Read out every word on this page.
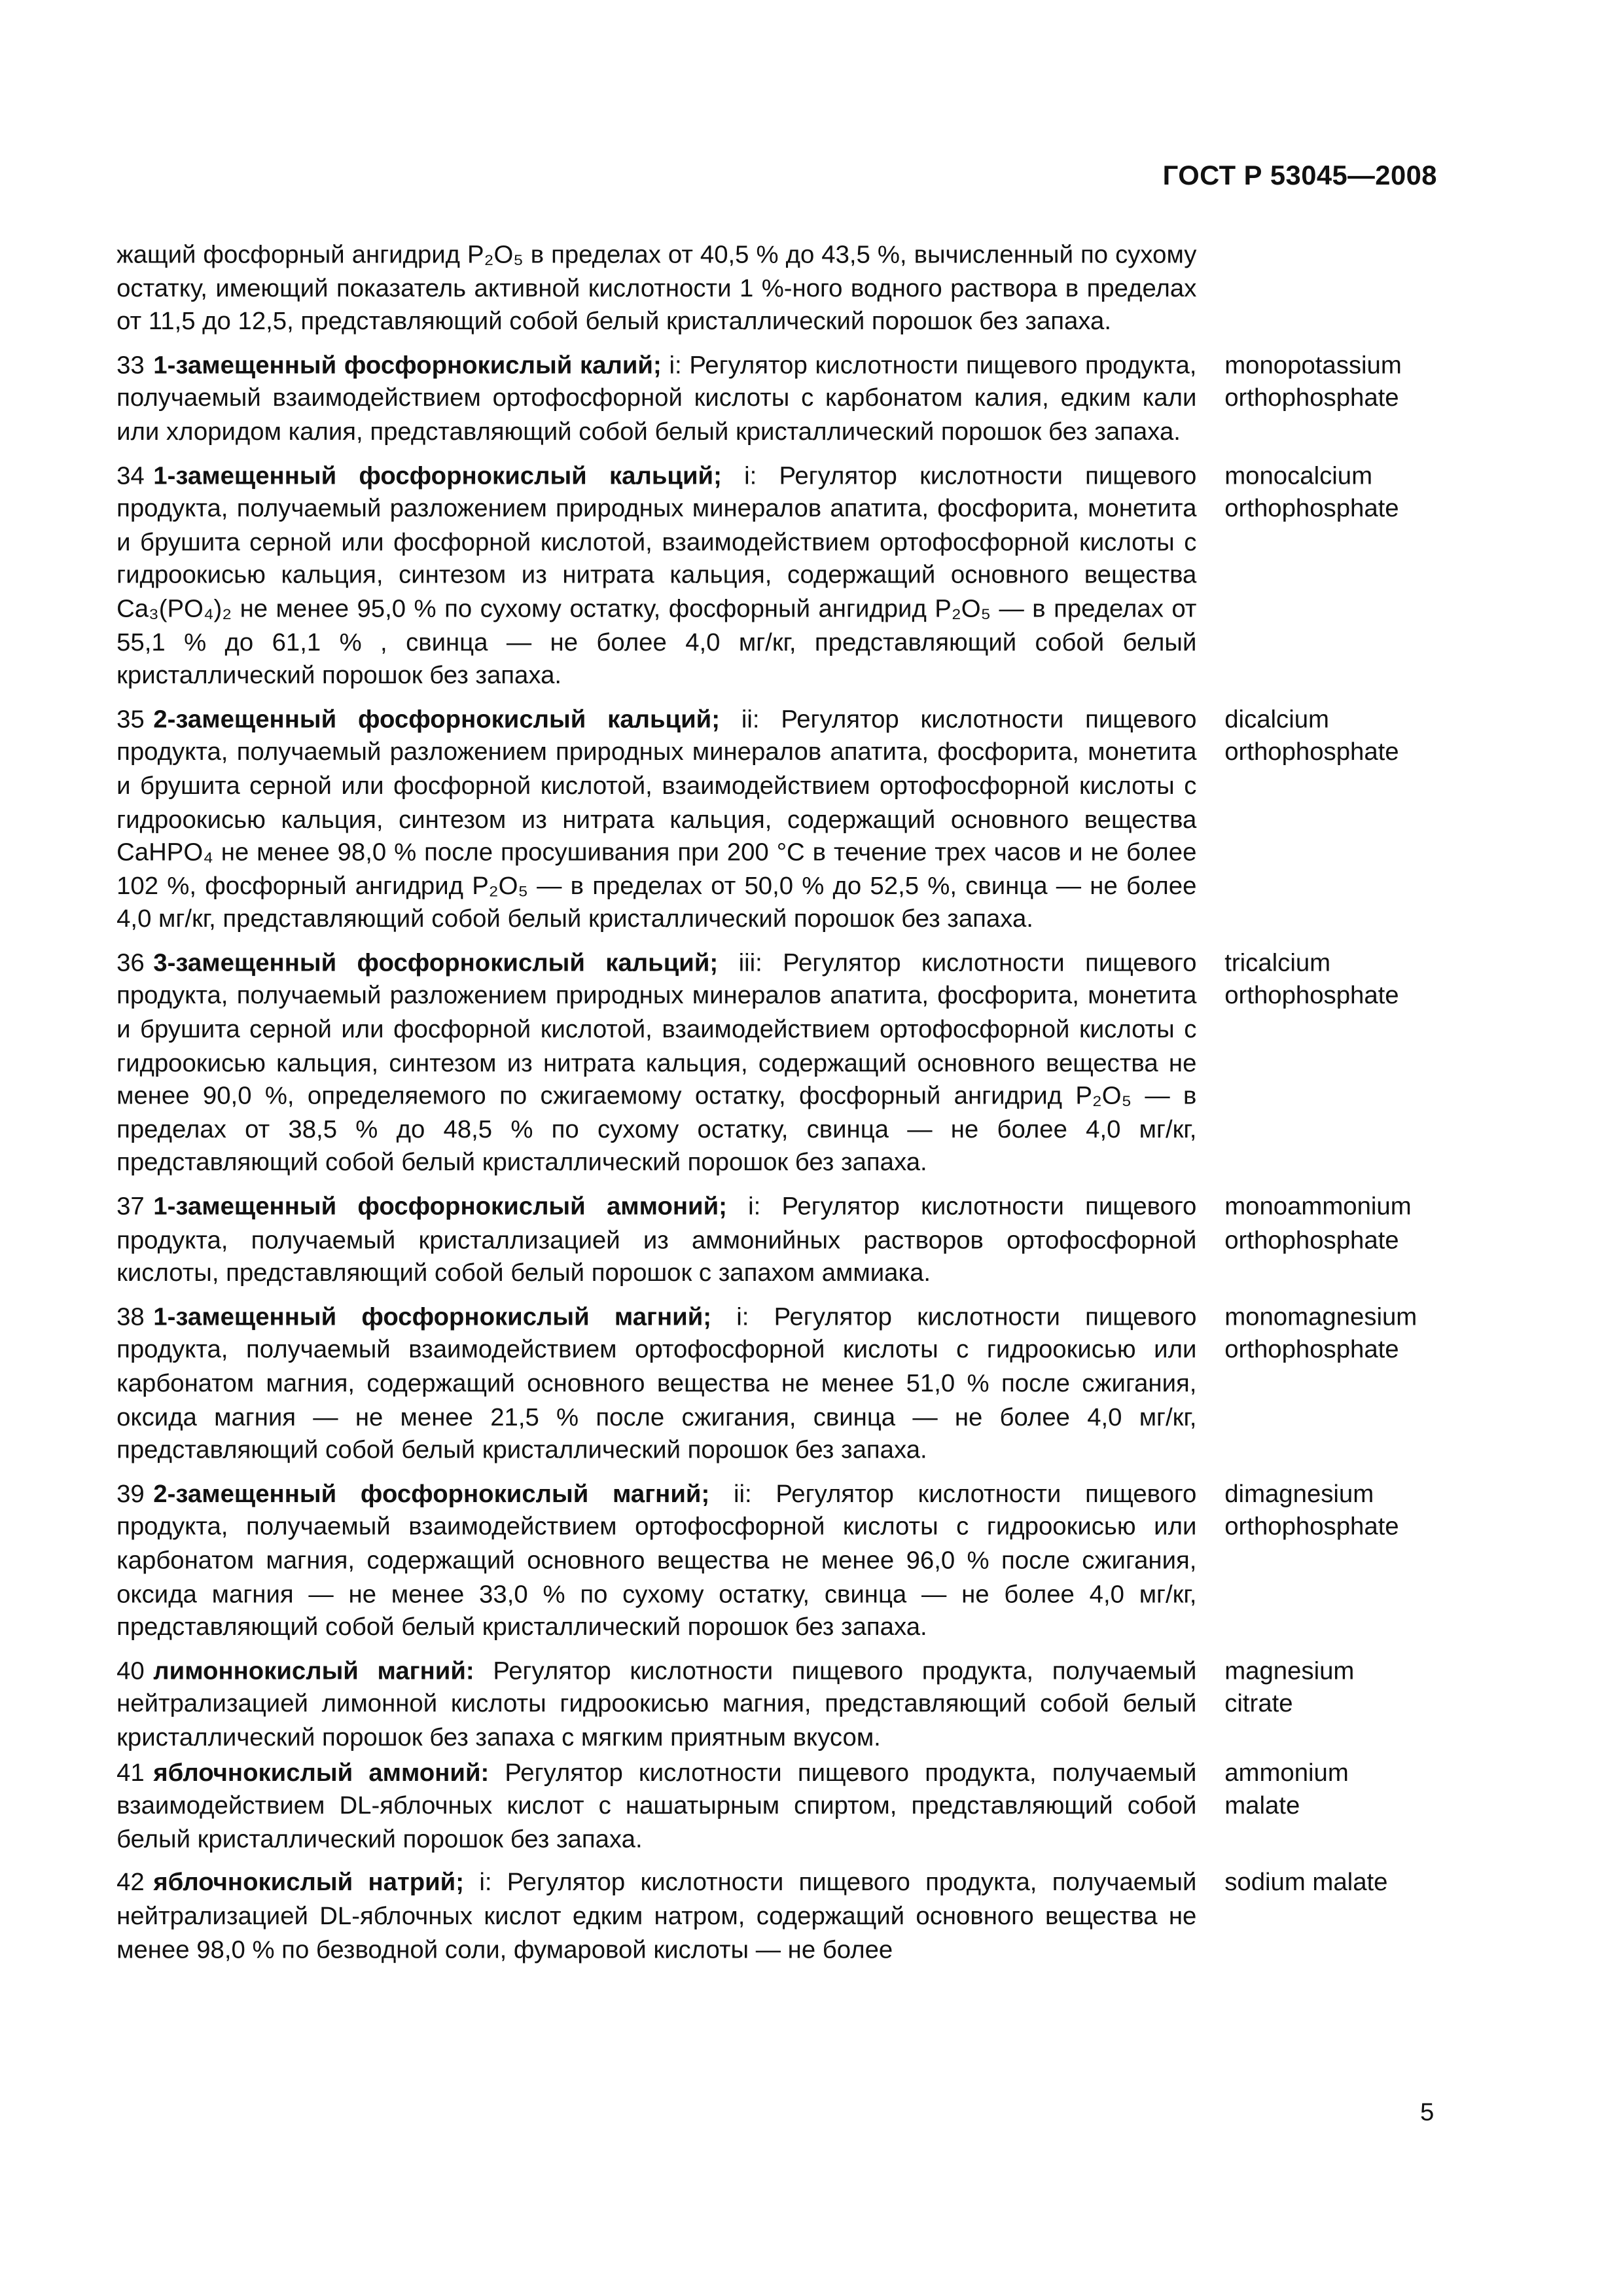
ГОСТ Р 53045—2008
жащий фосфорный ангидрид P₂O₅ в пределах от 40,5 % до 43,5 %, вычисленный по сухому остатку, имеющий показатель активной кислотности 1 %-ного водного раствора в пределах от 11,5 до 12,5, представляющий собой белый кристаллический порошок без запаха.
33 1-замещенный фосфорнокислый калий; i: Регулятор кислотности пищевого продукта, получаемый взаимодействием ортофосфорной кислоты с карбонатом калия, едким кали или хлоридом калия, представляющий собой белый кристаллический порошок без запаха.
monopotassium
orthophosphate
34 1-замещенный фосфорнокислый кальций; i: Регулятор кислотности пищевого продукта, получаемый разложением природных минералов апатита, фосфорита, монетита и брушита серной или фосфорной кислотой, взаимодействием ортофосфорной кислоты с гидроокисью кальция, синтезом из нитрата кальция, содержащий основного вещества Ca₃(PO₄)₂ не менее 95,0 % по сухому остатку, фосфорный ангидрид P₂O₅ — в пределах от 55,1 % до 61,1 % , свинца — не более 4,0 мг/кг, представляющий собой белый кристаллический порошок без запаха.
monocalcium
orthophosphate
35 2-замещенный фосфорнокислый кальций; ii: Регулятор кислотности пищевого продукта, получаемый разложением природных минералов апатита, фосфорита, монетита и брушита серной или фосфорной кислотой, взаимодействием ортофосфорной кислоты с гидроокисью кальция, синтезом из нитрата кальция, содержащий основного вещества CaHPO₄ не менее 98,0 % после просушивания при 200 °С в течение трех часов и не более 102 %, фосфорный ангидрид P₂O₅ — в пределах от 50,0 % до 52,5 %, свинца — не более 4,0 мг/кг, представляющий собой белый кристаллический порошок без запаха.
dicalcium
orthophosphate
36 3-замещенный фосфорнокислый кальций; iii: Регулятор кислотности пищевого продукта, получаемый разложением природных минералов апатита, фосфорита, монетита и брушита серной или фосфорной кислотой, взаимодействием ортофосфорной кислоты с гидроокисью кальция, синтезом из нитрата кальция, содержащий основного вещества не менее 90,0 %, определяемого по сжигаемому остатку, фосфорный ангидрид P₂O₅ — в пределах от 38,5 % до 48,5 % по сухому остатку, свинца — не более 4,0 мг/кг, представляющий собой белый кристаллический порошок без запаха.
tricalcium
orthophosphate
37 1-замещенный фосфорнокислый аммоний; i: Регулятор кислотности пищевого продукта, получаемый кристаллизацией из аммонийных растворов ортофосфорной кислоты, представляющий собой белый порошок с запахом аммиака.
monoammonium
orthophosphate
38 1-замещенный фосфорнокислый магний; i: Регулятор кислотности пищевого продукта, получаемый взаимодействием ортофосфорной кислоты с гидроокисью или карбонатом магния, содержащий основного вещества не менее 51,0 % после сжигания, оксида магния — не менее 21,5 % после сжигания, свинца — не более 4,0 мг/кг, представляющий собой белый кристаллический порошок без запаха.
monomagnesium
orthophosphate
39 2-замещенный фосфорнокислый магний; ii: Регулятор кислотности пищевого продукта, получаемый взаимодействием ортофосфорной кислоты с гидроокисью или карбонатом магния, содержащий основного вещества не менее 96,0 % после сжигания, оксида магния — не менее 33,0 % по сухому остатку, свинца — не более 4,0 мг/кг, представляющий собой белый кристаллический порошок без запаха.
dimagnesium
orthophosphate
40 лимоннокислый магний: Регулятор кислотности пищевого продукта, получаемый нейтрализацией лимонной кислоты гидроокисью магния, представляющий собой белый кристаллический порошок без запаха с мягким приятным вкусом.
magnesium
citrate
41 яблочнокислый аммоний: Регулятор кислотности пищевого продукта, получаемый взаимодействием DL-яблочных кислот с нашатырным спиртом, представляющий собой белый кристаллический порошок без запаха.
ammonium
malate
42 яблочнокислый натрий; i: Регулятор кислотности пищевого продукта, получаемый нейтрализацией DL-яблочных кислот едким натром, содержащий основного вещества не менее 98,0 % по безводной соли, фумаровой кислоты — не более
sodium malate
5
